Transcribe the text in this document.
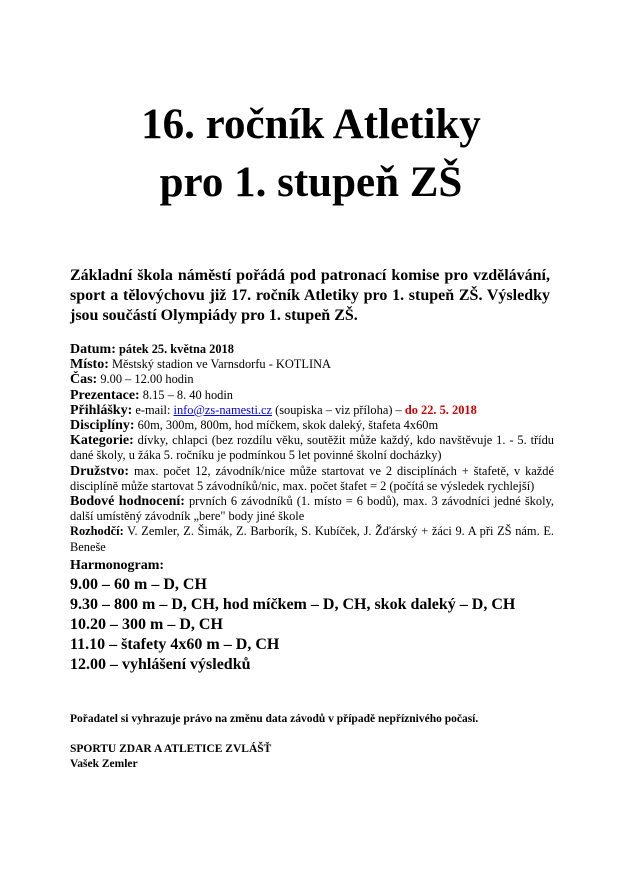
16. ročník Atletiky
pro 1. stupeň ZŠ

Základní škola náměstí pořádá pod patronací komise pro vzdělávání, sport a tělovýchovu již 17. ročník Atletiky pro 1. stupeň ZŠ. Výsledky jsou součástí Olympiády pro 1. stupeň ZŠ.

Datum: pátek 25. května 2018

Místo: Městský stadion ve Varnsdorfu - KOTLINA

Čas: 9.00 – 12.00 hodin

Prezentace: 8.15 – 8. 40 hodin

Přihlášky: e-mail: info@zs-namesti.cz (soupiska – viz příloha) – do 22. 5. 2018

Disciplíny: 60m, 300m, 800m, hod míčkem, skok daleký, štafeta 4x60m

Kategorie: dívky, chlapci (bez rozdílu věku, soutěžit může každý, kdo navštěvuje 1. - 5. třídu dané školy, u žáka 5. ročníku je podmínkou 5 let povinné školní docházky)

Družstvo: max. počet 12, závodník/nice může startovat ve 2 disciplínách + štafetě, v každé disciplíně může startovat 5 závodníků/nic, max. počet štafet = 2 (počítá se výsledek rychlejší)

Bodové hodnocení: prvních 6 závodníků (1. místo = 6 bodů), max. 3 závodníci jedné školy, další umístěný závodník „bere" body jiné škole

Rozhodčí: V. Zemler, Z. Šimák, Z. Barborík, S. Kubíček, J. Žďárský + žáci 9. A při ZŠ nám. E. Beneše

Harmonogram:
9.00 – 60 m – D, CH
9.30 – 800 m – D, CH, hod míčkem – D, CH, skok daleký – D, CH
10.20 – 300 m – D, CH
11.10 – štafety 4x60 m – D, CH
12.00 – vyhlášení výsledků
Pořadatel si vyhrazuje právo na změnu data závodů v případě nepříznivého počasí.
SPORTU ZDAR A ATLETICE ZVLÁŠŤ
Vašek Zemler
